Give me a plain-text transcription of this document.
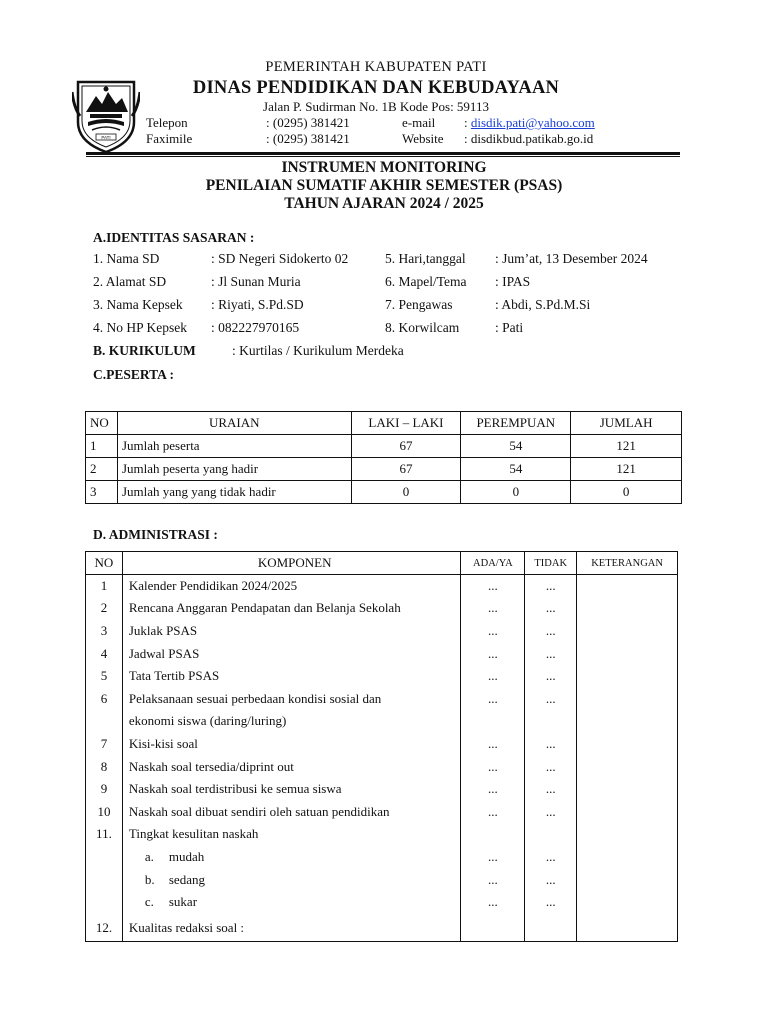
PATI
PEMERINTAH KABUPATEN PATI
DINAS PENDIDIKAN DAN KEBUDAYAAN
Jalan P. Sudirman No. 1B Kode Pos: 59113
Telepon	: (0295) 381421	e-mail : disdik.pati@yahoo.com
Faximile	: (0295) 381421	Website : disdikbud.patikab.go.id
INSTRUMEN MONITORING
PENILAIAN SUMATIF AKHIR SEMESTER (PSAS)
TAHUN AJARAN 2024 / 2025
A.IDENTITAS SASARAN :
1. Nama SD	: SD Negeri Sidokerto 02	5. Hari,tanggal : Jum’at, 13 Desember 2024
2. Alamat SD	: Jl Sunan Muria	6. Mapel/Tema : IPAS
3. Nama Kepsek : Riyati, S.Pd.SD	7. Pengawas	: Abdi, S.Pd.M.Si
4. No HP Kepsek : 082227970165	8. Korwilcam	: Pati
B. KURIKULUM	: Kurtilas / Kurikulum Merdeka
C.PESERTA :
NO	URAIAN	LAKI – LAKI	PEREMPUAN	JUMLAH
1	Jumlah peserta	67	54	121
2	Jumlah peserta yang hadir	67	54	121
3	Jumlah yang yang tidak hadir	0	0	0
D. ADMINISTRASI :
NO	KOMPONEN	ADA/YA	TIDAK	KETERANGAN
1	Kalender Pendidikan 2024/2025	...	...	
2	Rencana Anggaran Pendapatan dan Belanja Sekolah	...	...	
3	Juklak PSAS	...	...	
4	Jadwal PSAS	...	...	
5	Tata Tertib PSAS	...	...	
6	Pelaksanaan sesuai perbedaan kondisi sosial dan	...	...	
	ekonomi siswa (daring/luring)			
7	Kisi-kisi soal	...	...	
8	Naskah soal tersedia/diprint out	...	...	
9	Naskah soal terdistribusi ke semua siswa	...	...	
10	Naskah soal dibuat sendiri oleh satuan pendidikan	...	...	
11.	Tingkat kesulitan naskah			
	a. mudah	...	...	
	b. sedang	...	...	
	c. sukar	...	...	
12.	Kualitas redaksi soal :			
